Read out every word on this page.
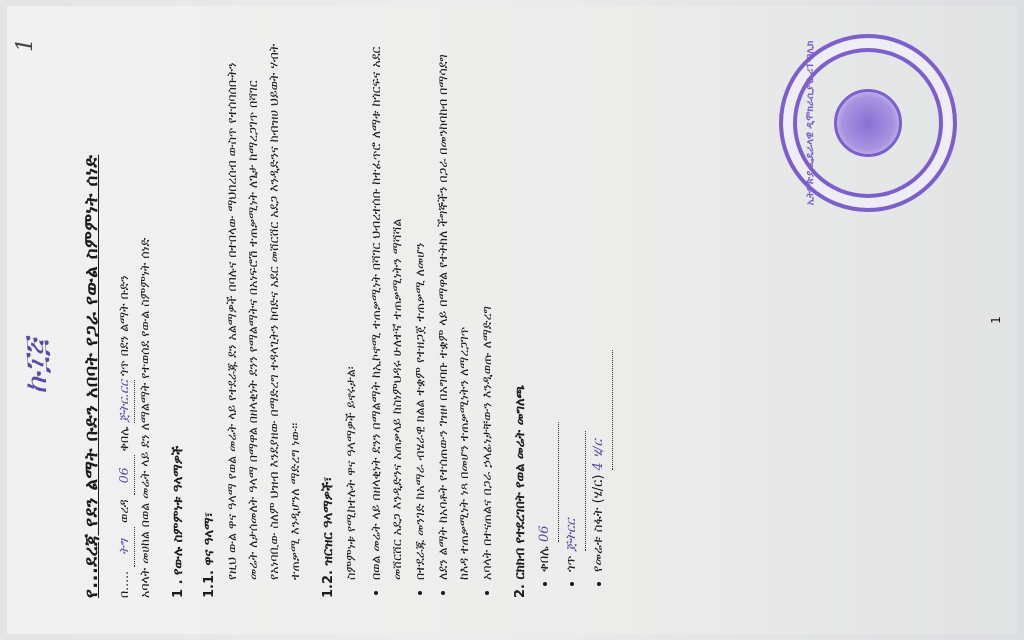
1
ኩ፲፭ የ...ደረጃ የደን ልማት ቡድን አበባት የጋራ የውል ስምምነት ሰነድ በ..... ትግ ወረዳ 06 ቀበሌ ጅትር.ርር ጎጥ በደን ልማት ቡድን አባላት መሀከል በወል መሬት ላይ ደን ለማልማት የተወሰደ የውል ስምምነት ሰነድ 1 . የውሉ ስምምነቱ ዓላማዎች 1.1. ዋና ዓላማ፣ የዚህ ውል ዋና ዓላማ የወል መሬት ላይ የተደራጁ ደን አልማዎች በባሉና በተበላው ማህበረሰብ ውስጥ የተሰባሰቡትን መሬት ለታሰመለት ዓላማ በማዋል በዘላቂነት ደንን የማልማትና በአነፍሮሽ ተጠቃሚነት ለጌታ ከማረጋገጥ በሻገር የአነባቢው ስለም ህዝብ እንደያዘው በማድረግ ተዳላጊትን ከባድና አደር መሸርሸር አደጋ እንዲድንና ከብዝሀ ህይወት ሃብት ተጠቃሚ እንዲሆንለ ማድረግ ነው፡፡ 1.2. ዝርዝር ዓላማዎች፣ ስምምነቱ የሚከተሉት ዋና ዓላማዎች ይኖሩታል፡ • በወል መሬት ላይ በዘላቂነት ደንን በማልማት ከኢኮኖሚ ተጠቃሚነት በሻገር ህብረተሰቡ ከተፈጥሮ ለማቱ ከጎርፍና አደር መሸርሸር አደጋ እንዲድንና አጠቃላይ ከስነምህዳሩ ሁለተኛ ተጠቃሚነትን ማሻሻል • በተደራጁ መንገድ ከአማራ ብሄራዊ ክልል ተቋም የተዘጋጀ ተጠቃሚ ለመሆን • ለደን ልማት ከአባቶት የተሰጠውን ገዝዞ በአግባቡ ተቋም ላይ በማዋል የተትከለ ችግኞችን በጋራ በመንከባከብ በማሳደግ ከእዳ ተጠቃሚነት ነጻ በመሆን ተጠቃሚነትን ለማረጋገጥ • አባላት በተናጠልና በጋራ ኃላፊነታቸውን እንዲወጡ ለማድረግ 2. ርክክብ የተደረገበት የወል መሬት መግለጫ • ቀበሌ 06
• ጎጥ ጅትርር • የመሬቱ ስፋት (ሄ/ር) 4 ሄ/ር
ኢትዮጵያ ፌዴራላዊ ዲሞክራሲያዊ ሪፐብሊክ
1
